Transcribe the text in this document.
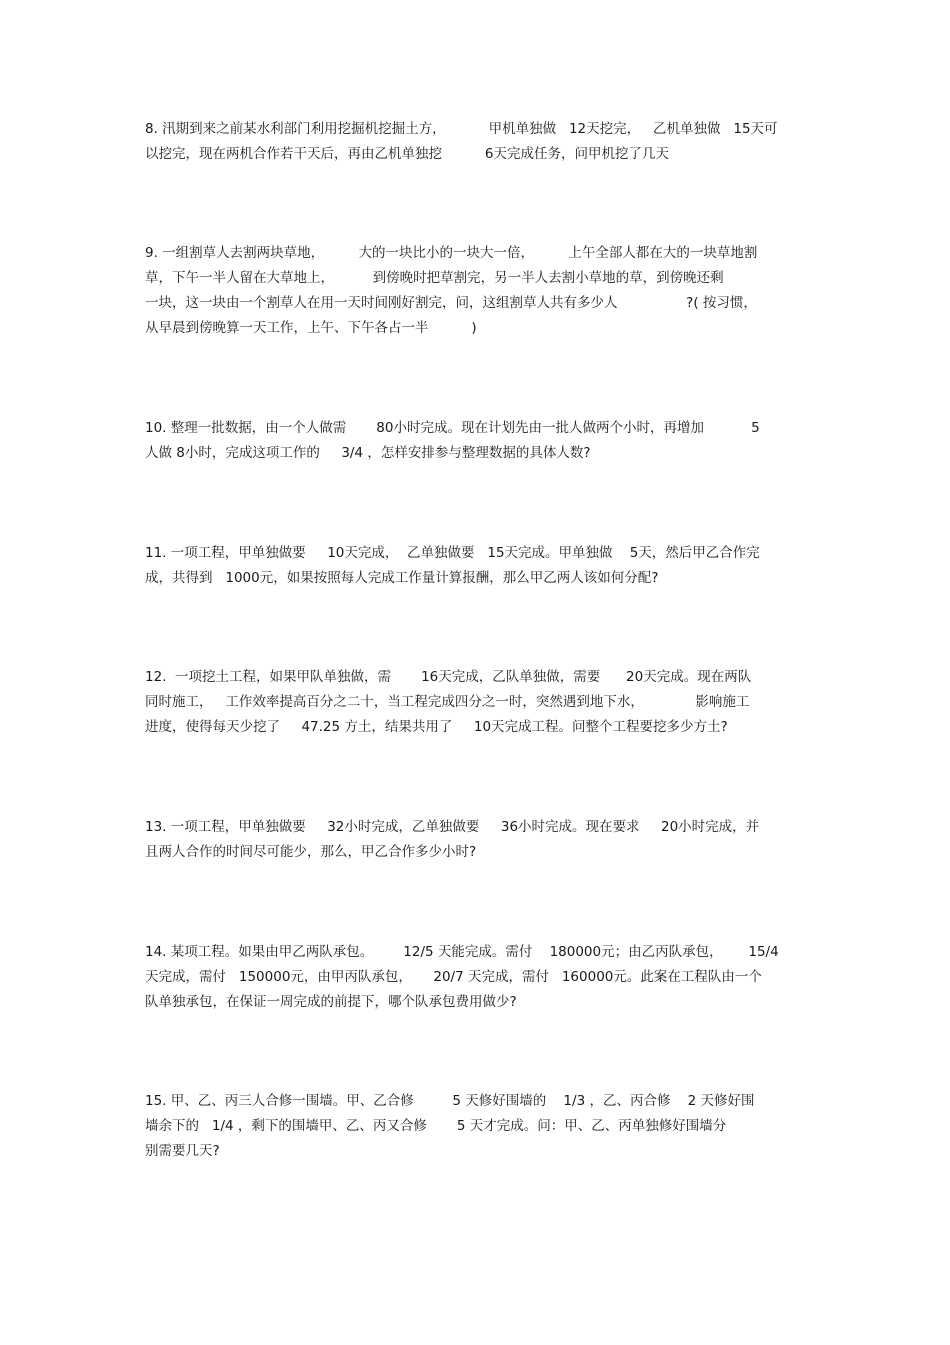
8. 汛期到来之前某水利部门利用挖掘机挖掘土方，          甲机单独做   12天挖完，   乙机单独做   15天可
以挖完，现在两机合作若干天后，再由乙机单独挖          6天完成任务，问甲机挖了几天
9. 一组割草人去割两块草地，        大的一块比小的一块大一倍，        上午全部人都在大的一块草地割
草，下午一半人留在大草地上，         到傍晚时把草割完，另一半人去割小草地的草，到傍晚还剩
一块，这一块由一个割草人在用一天时间刚好割完，问，这组割草人共有多少人                ?( 按习惯，
从早晨到傍晚算一天工作，上午、下午各占一半          )
10. 整理一批数据，由一个人做需       80小时完成。现在计划先由一批人做两个小时，再增加           5
人做 8小时，完成这项工作的     3/4 ，怎样安排参与整理数据的具体人数?
11. 一项工程，甲单独做要     10天完成，  乙单独做要   15天完成。甲单独做    5天，然后甲乙合作完
成，共得到   1000元，如果按照每人完成工作量计算报酬，那么甲乙两人该如何分配?
12.  一项挖土工程，如果甲队单独做，需       16天完成，乙队单独做，需要      20天完成。现在两队
同时施工，   工作效率提高百分之二十，当工程完成四分之一时，突然遇到地下水，            影响施工
进度，使得每天少挖了     47.25 方土，结果共用了     10天完成工程。问整个工程要挖多少方土?
13. 一项工程，甲单独做要     32小时完成，乙单独做要     36小时完成。现在要求     20小时完成，并
且两人合作的时间尽可能少，那么，甲乙合作多少小时?
14. 某项工程。如果由甲乙两队承包。       12/5 天能完成。需付    180000元；由乙丙队承包，      15/4
天完成，需付   150000元，由甲丙队承包，     20/7 天完成，需付   160000元。此案在工程队由一个
队单独承包，在保证一周完成的前提下，哪个队承包费用做少?
15. 甲、乙、丙三人合修一围墙。甲、乙合修         5 天修好围墙的    1/3 ，乙、丙合修    2 天修好围
墙余下的   1/4 ，剩下的围墙甲、乙、丙又合修       5 天才完成。问：甲、乙、丙单独修好围墙分
别需要几天?
